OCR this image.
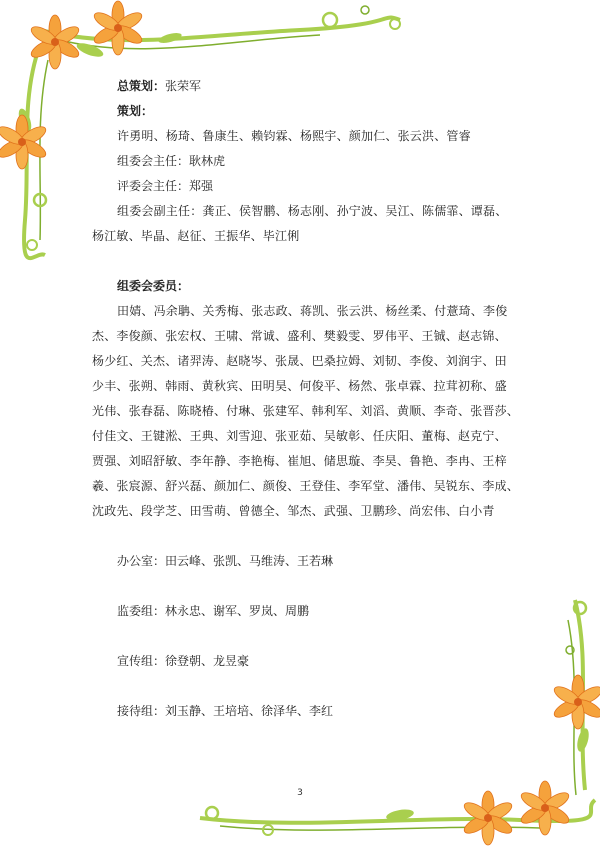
总策划：张荣军
策划：
许勇明、杨琦、鲁康生、赖钧霖、杨熙宇、颜加仁、张云洪、管睿
组委会主任：耿林虎
评委会主任：郑强
组委会副主任：龚正、侯智鹏、杨志刚、孙宁波、吴江、陈儒霏、谭磊、
杨江敏、毕晶、赵征、王振华、毕江俐
组委会委员：
田婧、冯余聃、关秀梅、张志政、蒋凯、张云洪、杨丝柔、付薏琦、李俊
杰、李俊颜、张宏权、王啸、常诚、盛利、樊毅雯、罗伟平、王铖、赵志锦、
杨少红、关杰、诸羿涛、赵晓岑、张晟、巴桑拉姆、刘韧、李俊、刘润宇、田
少丰、张朔、韩雨、黄秋宾、田明昊、何俊平、杨然、张卓霖、拉茸初称、盛
光伟、张春磊、陈晓椿、付琳、张建军、韩利军、刘滔、黄顺、李奇、张晋莎、
付佳文、王键淞、王典、刘雪迎、张亚茹、吴敏彰、任庆阳、董梅、赵克宁、
贾强、刘昭舒敏、李年静、李艳梅、崔旭、储思璇、李昊、鲁艳、李冉、王梓
羲、张宸源、舒兴磊、颜加仁、颜俊、王登佳、李军堂、潘伟、吴锐东、李成、
沈政先、段学芝、田雪萌、曾德全、邹杰、武强、卫鹏珍、尚宏伟、白小青
办公室：田云峰、张凯、马维涛、王若琳
监委组：林永忠、谢军、罗岚、周鹏
宣传组：徐登朝、龙昱豪
接待组：刘玉静、王培培、徐泽华、李红
3
